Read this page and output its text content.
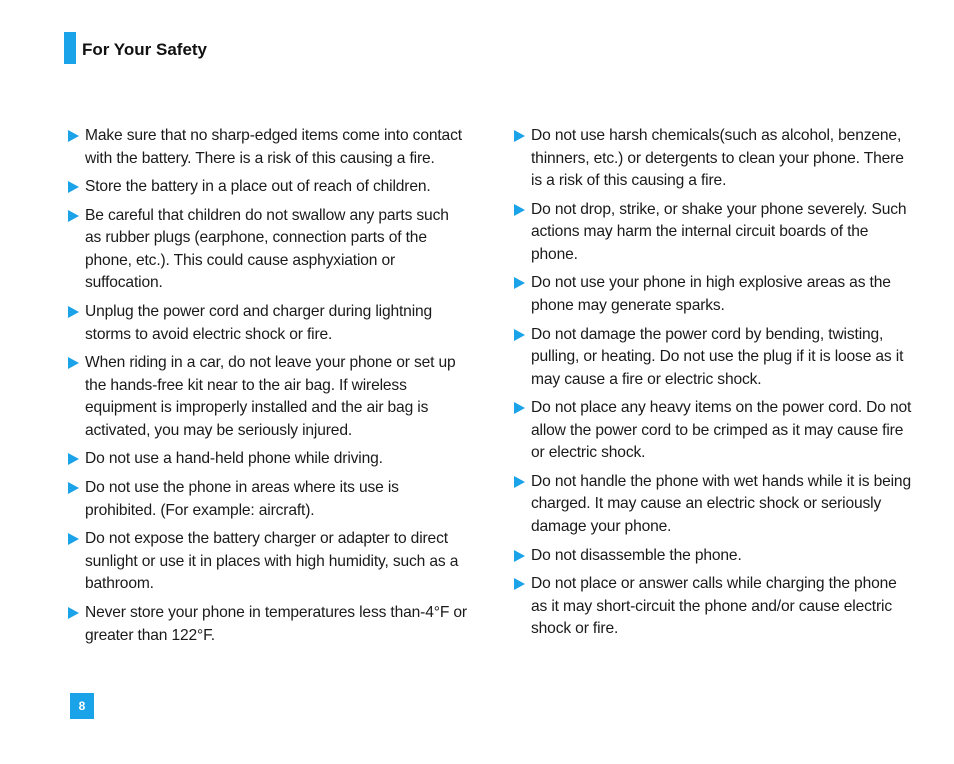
For Your Safety
Make sure that no sharp-edged items come into contact with the battery. There is a risk of this causing a fire.
Store the battery in a place out of reach of children.
Be careful that children do not swallow any parts such as rubber plugs (earphone, connection parts of the phone, etc.). This could cause asphyxiation or suffocation.
Unplug the power cord and charger during lightning storms to avoid electric shock or fire.
When riding in a car, do not leave your phone or set up the hands-free kit near to the air bag. If wireless equipment is improperly installed and the air bag is activated, you may be seriously injured.
Do not use a hand-held phone while driving.
Do not use the phone in areas where its use is prohibited. (For example: aircraft).
Do not expose the battery charger or adapter to direct sunlight or use it in places with high humidity, such as a bathroom.
Never store your phone in temperatures less than-4°F or greater than 122°F.
Do not use harsh chemicals(such as alcohol, benzene, thinners, etc.) or detergents to clean your phone. There is a risk of this causing a fire.
Do not drop, strike, or shake your phone severely. Such actions may harm the internal circuit boards of the phone.
Do not use your phone in high explosive areas as the phone may generate sparks.
Do not damage the power cord by bending, twisting, pulling, or heating. Do not use the plug if it is loose as it may cause a fire or electric shock.
Do not place any heavy items on the power cord. Do not allow the power cord to be crimped as it may cause fire or electric shock.
Do not handle the phone with wet hands while it is being charged. It may cause an electric shock or seriously damage your phone.
Do not disassemble the phone.
Do not place or answer calls while charging the phone as it may short-circuit the phone and/or cause electric shock or fire.
8
